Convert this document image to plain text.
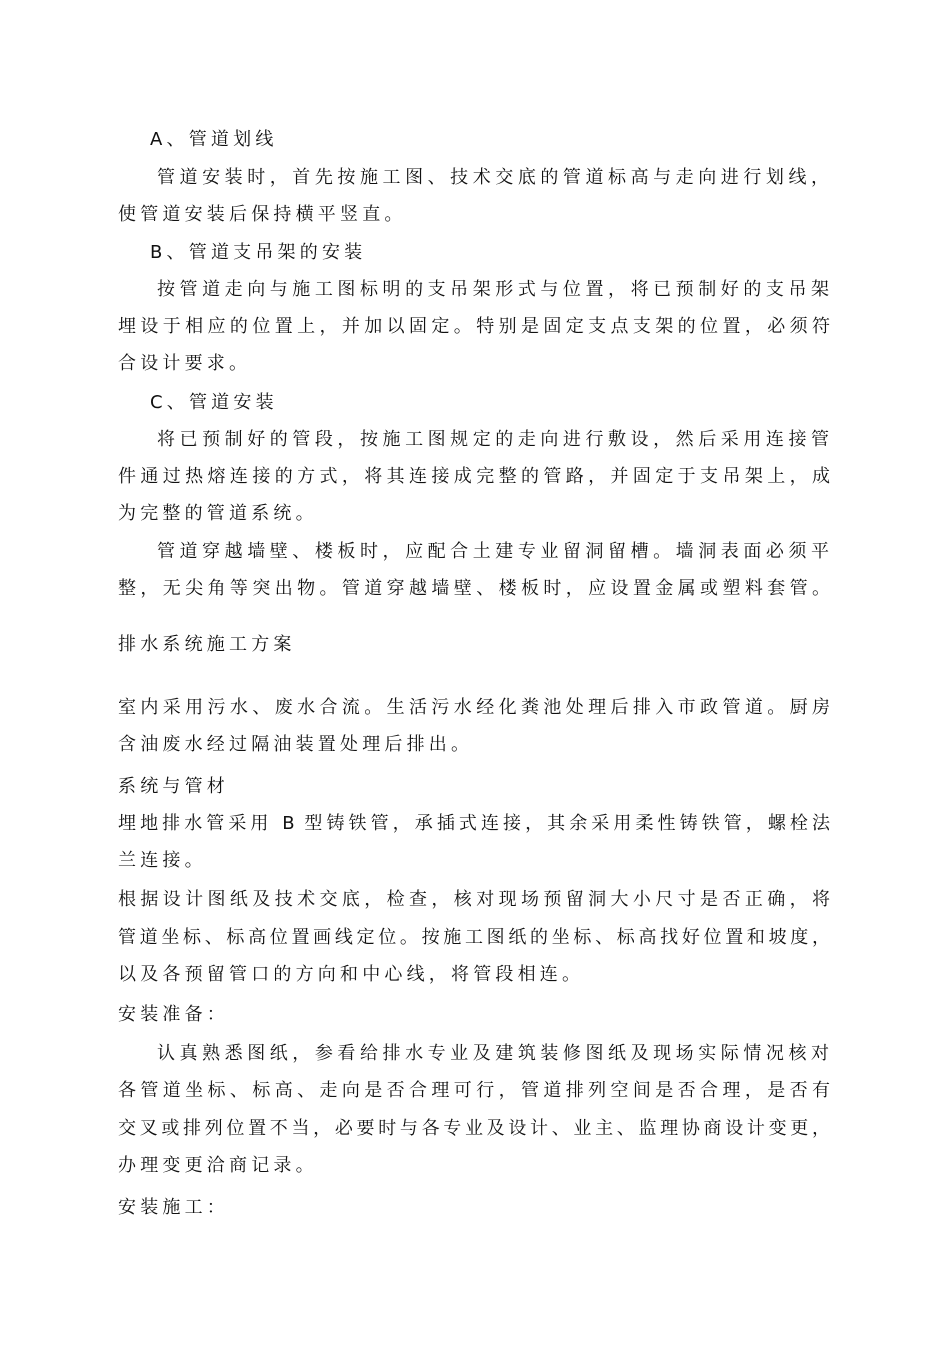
A、管道划线
管道安装时，首先按施工图、技术交底的管道标高与走向进行划线，
使管道安装后保持横平竖直。
B、管道支吊架的安装
按管道走向与施工图标明的支吊架形式与位置，将已预制好的支吊架
埋设于相应的位置上，并加以固定。特别是固定支点支架的位置，必须符
合设计要求。
C、管道安装
将已预制好的管段，按施工图规定的走向进行敷设，然后采用连接管
件通过热熔连接的方式，将其连接成完整的管路，并固定于支吊架上，成
为完整的管道系统。
管道穿越墙壁、楼板时，应配合土建专业留洞留槽。墙洞表面必须平
整，无尖角等突出物。管道穿越墙壁、楼板时，应设置金属或塑料套管。
排水系统施工方案
室内采用污水、废水合流。生活污水经化粪池处理后排入市政管道。厨房
含油废水经过隔油装置处理后排出。
系统与管材
埋地排水管采用 B 型铸铁管，承插式连接，其余采用柔性铸铁管，螺栓法
兰连接。
根据设计图纸及技术交底，检查，核对现场预留洞大小尺寸是否正确，将
管道坐标、标高位置画线定位。按施工图纸的坐标、标高找好位置和坡度，
以及各预留管口的方向和中心线，将管段相连。
安装准备：
认真熟悉图纸，参看给排水专业及建筑装修图纸及现场实际情况核对
各管道坐标、标高、走向是否合理可行，管道排列空间是否合理，是否有
交叉或排列位置不当，必要时与各专业及设计、业主、监理协商设计变更，
办理变更洽商记录。
安装施工：
